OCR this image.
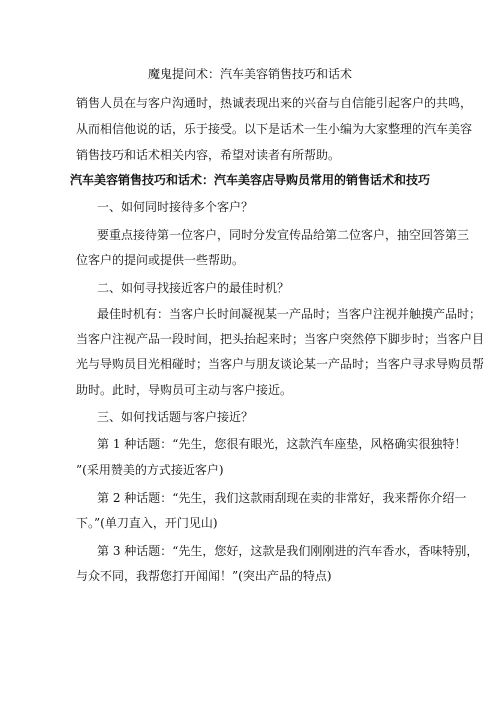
魔鬼提问术：汽车美容销售技巧和话术
销售人员在与客户沟通时，热诚表现出来的兴奋与自信能引起客户的共鸣，
从而相信他说的话，乐于接受。以下是话术一生小编为大家整理的汽车美容
销售技巧和话术相关内容，希望对读者有所帮助。
汽车美容销售技巧和话术：汽车美容店导购员常用的销售话术和技巧
一、如何同时接待多个客户？
要重点接待第一位客户，同时分发宣传品给第二位客户，抽空回答第三
位客户的提问或提供一些帮助。
二、如何寻找接近客户的最佳时机？
最佳时机有：当客户长时间凝视某一产品时；当客户注视并触摸产品时；
当客户注视产品一段时间，把头抬起来时；当客户突然停下脚步时；当客户目
光与导购员目光相碰时；当客户与朋友谈论某一产品时；当客户寻求导购员帮
助时。此时，导购员可主动与客户接近。
三、如何找话题与客户接近？
第 1 种话题：“先生，您很有眼光，这款汽车座垫，风格确实很独特！
”(采用赞美的方式接近客户)
第 2 种话题：“先生，我们这款雨刮现在卖的非常好，我来帮你介绍一
下。”(单刀直入，开门见山)
第 3 种话题：“先生，您好，这款是我们刚刚进的汽车香水，香味特别，
与众不同，我帮您打开闻闻！”(突出产品的特点)
